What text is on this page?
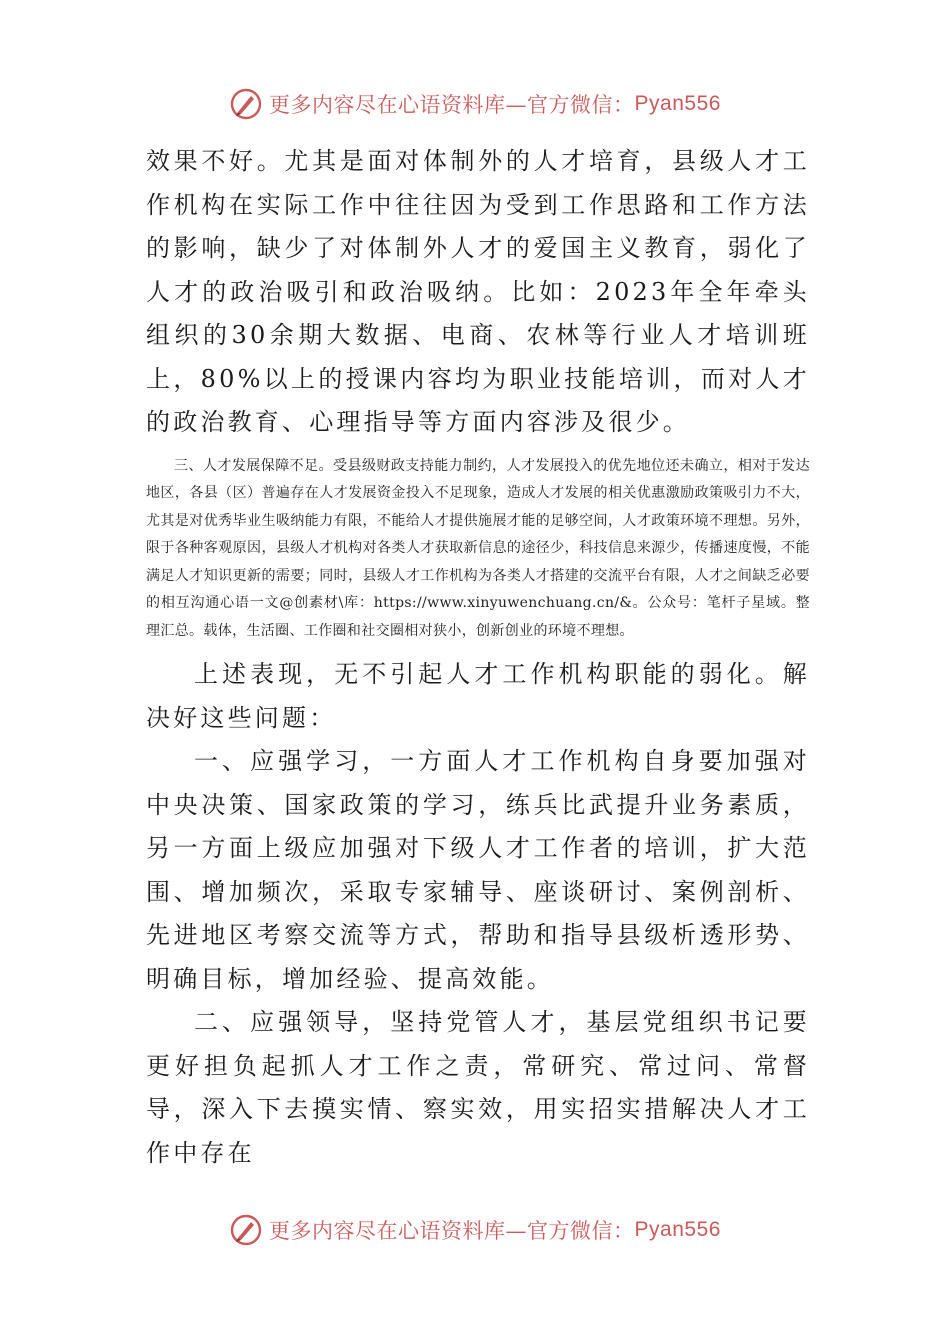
更多内容尽在心语资料库—官方微信： Pyan556

效果不好。尤其是面对体制外的人才培育，县级人才工作机构在实际工作中往往因为受到工作思路和工作方法的影响，缺少了对体制外人才的爱国主义教育，弱化了人才的政治吸引和政治吸纳。比如：2023年全年牵头组织的30余期大数据、电商、农林等行业人才培训班上，80%以上的授课内容均为职业技能培训，而对人才的政治教育、心理指导等方面内容涉及很少。

三、人才发展保障不足。受县级财政支持能力制约，人才发展投入的优先地位还未确立，相对于发达地区，各县（区）普遍存在人才发展资金投入不足现象，造成人才发展的相关优惠激励政策吸引力不大，尤其是对优秀毕业生吸纳能力有限，不能给人才提供施展才能的足够空间，人才政策环境不理想。另外，限于各种客观原因，县级人才机构对各类人才获取新信息的途径少，科技信息来源少，传播速度慢，不能满足人才知识更新的需要；同时，县级人才工作机构为各类人才搭建的交流平台有限，人才之间缺乏必要的相互沟通心语一文@创素材\库：https://www.xinyuwenchuang.cn/&。公众号：笔杆子星域。整理汇总。载体，生活圈、工作圈和社交圈相对狭小，创新创业的环境不理想。

上述表现，无不引起人才工作机构职能的弱化。解决好这些问题：

一、应强学习，一方面人才工作机构自身要加强对中央决策、国家政策的学习，练兵比武提升业务素质，另一方面上级应加强对下级人才工作者的培训，扩大范围、增加频次，采取专家辅导、座谈研讨、案例剖析、先进地区考察交流等方式，帮助和指导县级析透形势、明确目标，增加经验、提高效能。

二、应强领导，坚持党管人才，基层党组织书记要更好担负起抓人才工作之责，常研究、常过问、常督导，深入下去摸实情、察实效，用实招实措解决人才工作中存在

更多内容尽在心语资料库—官方微信： Pyan556
